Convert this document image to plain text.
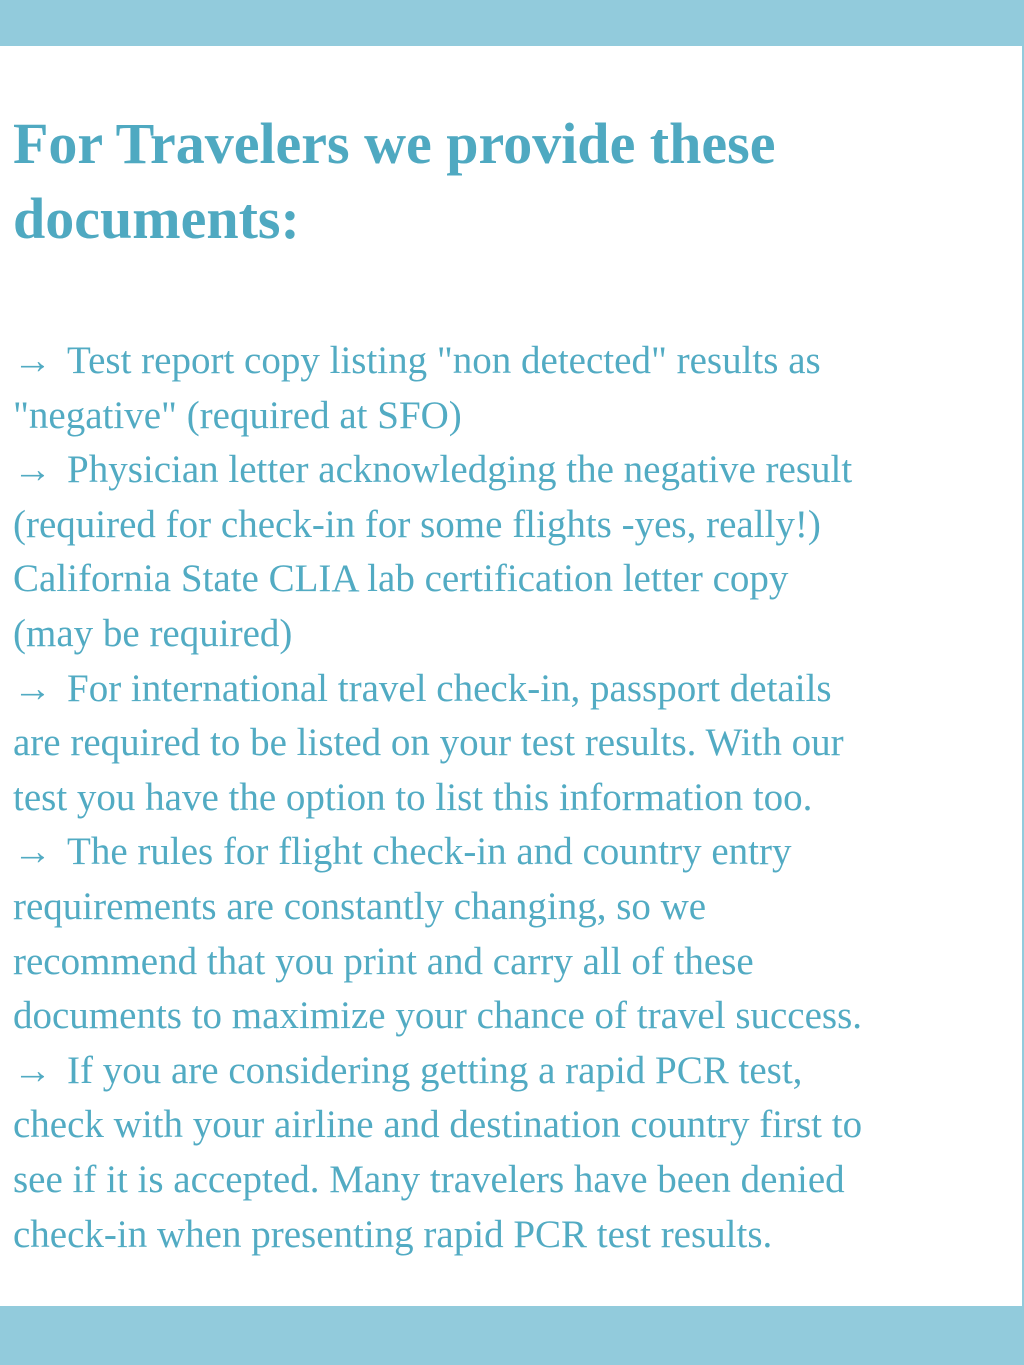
For Travelers we provide these
documents:
→ Test report copy listing "non detected" results as
"negative" (required at SFO)
→ Physician letter acknowledging the negative result
(required for check-in for some flights -yes, really!)
California State CLIA lab certification letter copy
(may be required)
→ For international travel check-in, passport details
are required to be listed on your test results. With our
test you have the option to list this information too.
→ The rules for flight check-in and country entry
requirements are constantly changing, so we
recommend that you print and carry all of these
documents to maximize your chance of travel success.
→ If you are considering getting a rapid PCR test,
check with your airline and destination country first to
see if it is accepted. Many travelers have been denied
check-in when presenting rapid PCR test results.
